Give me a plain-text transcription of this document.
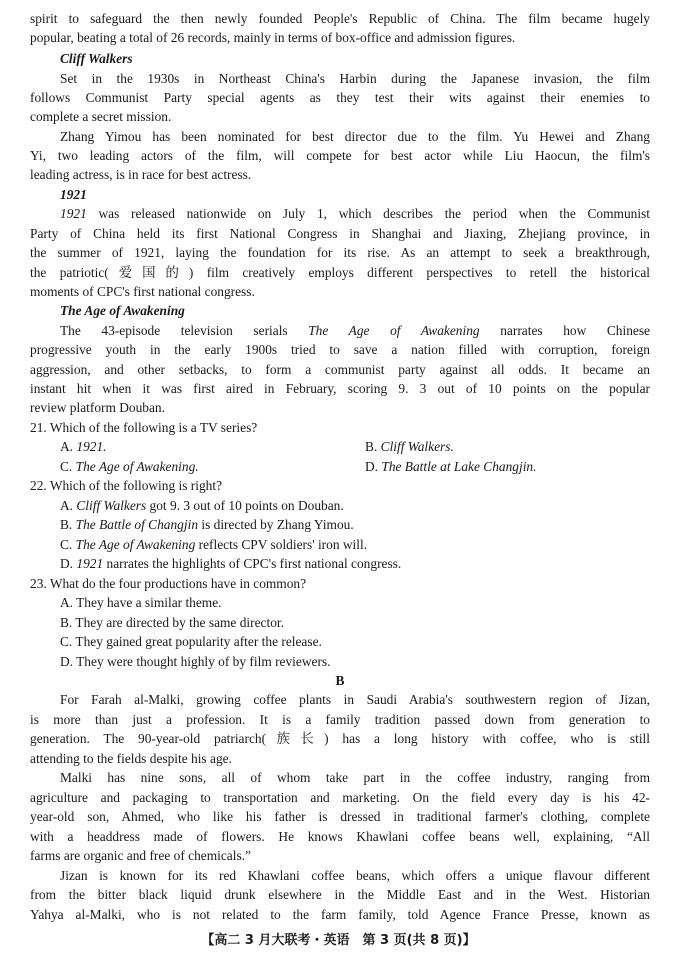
spirit to safeguard the then newly founded People's Republic of China. The film became hugely
popular, beating a total of 26 records, mainly in terms of box-office and admission figures.
Cliff Walkers
Set in the 1930s in Northeast China's Harbin during the Japanese invasion, the film
follows Communist Party special agents as they test their wits against their enemies to
complete a secret mission.
Zhang Yimou has been nominated for best director due to the film. Yu Hewei and Zhang
Yi, two leading actors of the film, will compete for best actor while Liu Haocun, the film's
leading actress, is in race for best actress.
1921
1921 was released nationwide on July 1, which describes the period when the Communist
Party of China held its first National Congress in Shanghai and Jiaxing, Zhejiang province, in
the summer of 1921, laying the foundation for its rise. As an attempt to seek a breakthrough,
the patriotic(爱国的) film creatively employs different perspectives to retell the historical
moments of CPC's first national congress.
The Age of Awakening
The 43-episode television serials The Age of Awakening narrates how Chinese
progressive youth in the early 1900s tried to save a nation filled with corruption, foreign
aggression, and other setbacks, to form a communist party against all odds. It became an
instant hit when it was first aired in February, scoring 9. 3 out of 10 points on the popular
review platform Douban.
21. Which of the following is a TV series?
A. 1921.	B. Cliff Walkers.
C. The Age of Awakening.	D. The Battle at Lake Changjin.
22. Which of the following is right?
A. Cliff Walkers got 9. 3 out of 10 points on Douban.
B. The Battle of Changjin is directed by Zhang Yimou.
C. The Age of Awakening reflects CPV soldiers' iron will.
D. 1921 narrates the highlights of CPC's first national congress.
23. What do the four productions have in common?
A. They have a similar theme.
B. They are directed by the same director.
C. They gained great popularity after the release.
D. They were thought highly of by film reviewers.
B
For Farah al-Malki, growing coffee plants in Saudi Arabia's southwestern region of Jizan,
is more than just a profession. It is a family tradition passed down from generation to
generation. The 90-year-old patriarch(族长) has a long history with coffee, who is still
attending to the fields despite his age.
Malki has nine sons, all of whom take part in the coffee industry, ranging from
agriculture and packaging to transportation and marketing. On the field every day is his 42-
year-old son, Ahmed, who like his father is dressed in traditional farmer's clothing, complete
with a headdress made of flowers. He knows Khawlani coffee beans well, explaining, “All
farms are organic and free of chemicals.”
Jizan is known for its red Khawlani coffee beans, which offers a unique flavour different
from the bitter black liquid drunk elsewhere in the Middle East and in the West. Historian
Yahya al-Malki, who is not related to the farm family, told Agence France Presse, known as
【高二 3 月大联考・英语　第 3 页(共 8 页)】
